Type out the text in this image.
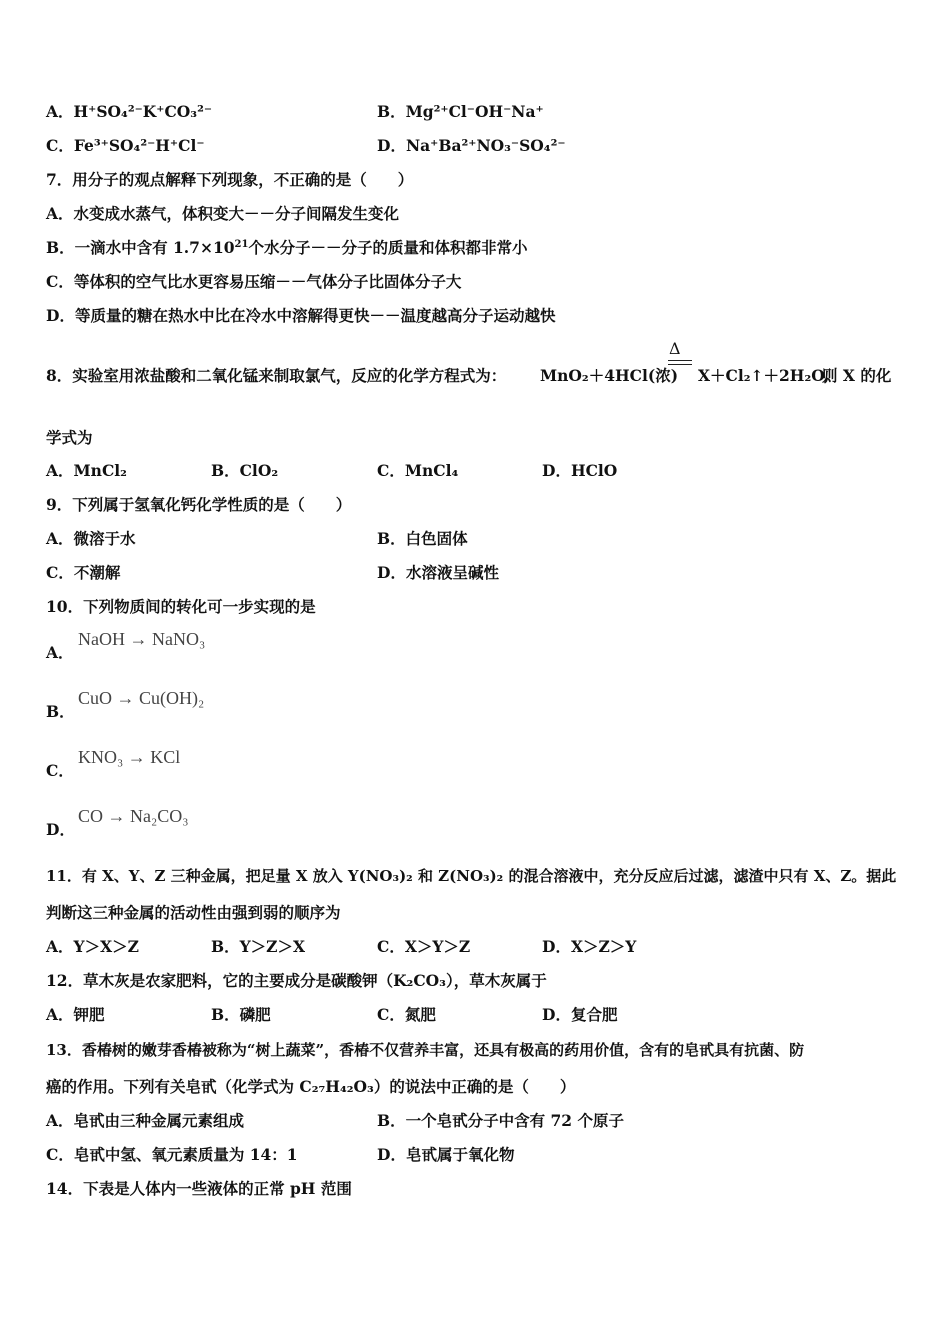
A．H⁺SO₄²⁻K⁺CO₃²⁻	B．Mg²⁺Cl⁻OH⁻Na⁺
C．Fe³⁺SO₄²⁻H⁺Cl⁻	D．Na⁺Ba²⁺NO₃⁻SO₄²⁻
7．用分子的观点解释下列现象，不正确的是（　　）
A．水变成水蒸气，体积变大－－分子间隔发生变化
B．一滴水中含有 $1.7\times 10^{21}$个水分子－－分子的质量和体积都非常小
C．等体积的空气比水更容易压缩－－气体分子比固体分子大
D．等质量的糖在热水中比在冷水中溶解得更快－－温度越高分子运动越快
8．实验室用浓盐酸和二氧化锰来制取氯气，反应的化学方程式为： MnO₂＋4HCl(浓)
Δ
X＋Cl₂↑＋2H₂O,
则 X 的化
学式为
A．MnCl₂	B．ClO₂	C．MnCl₄	D．HClO
9．下列属于氢氧化钙化学性质的是（　　）
A．微溶于水	B．白色固体
C．不潮解	D．水溶液呈碱性
10．下列物质间的转化可一步实现的是
A．
NaOH → NaNO₃
B．
CuO → Cu(OH)₂
C．
KNO₃ → KCl
D．
CO → Na₂CO₃
11．有 X、Y、Z 三种金属，把足量 X 放入 Y(NO₃)₂ 和 Z(NO₃)₂ 的混合溶液中，充分反应后过滤，滤渣中只有 X、Z。据此
判断这三种金属的活动性由强到弱的顺序为
A．Y＞X＞Z	B．Y＞Z＞X	C．X＞Y＞Z	D．X＞Z＞Y
12．草木灰是农家肥料，它的主要成分是碳酸钾（K₂CO₃），草木灰属于
A．钾肥	B．磷肥	C．氮肥	D．复合肥
13．香椿树的嫩芽香椿被称为“树上蔬菜”，香椿不仅营养丰富，还具有极高的药用价值，含有的皂甙具有抗菌、防
癌的作用。下列有关皂甙（化学式为 C₂₇H₄₂O₃）的说法中正确的是（　　）
A．皂甙由三种金属元素组成	B．一个皂甙分子中含有 72 个原子
C．皂甙中氢、氧元素质量为 14：1	D．皂甙属于氧化物
14．下表是人体内一些液体的正常 pH 范围
